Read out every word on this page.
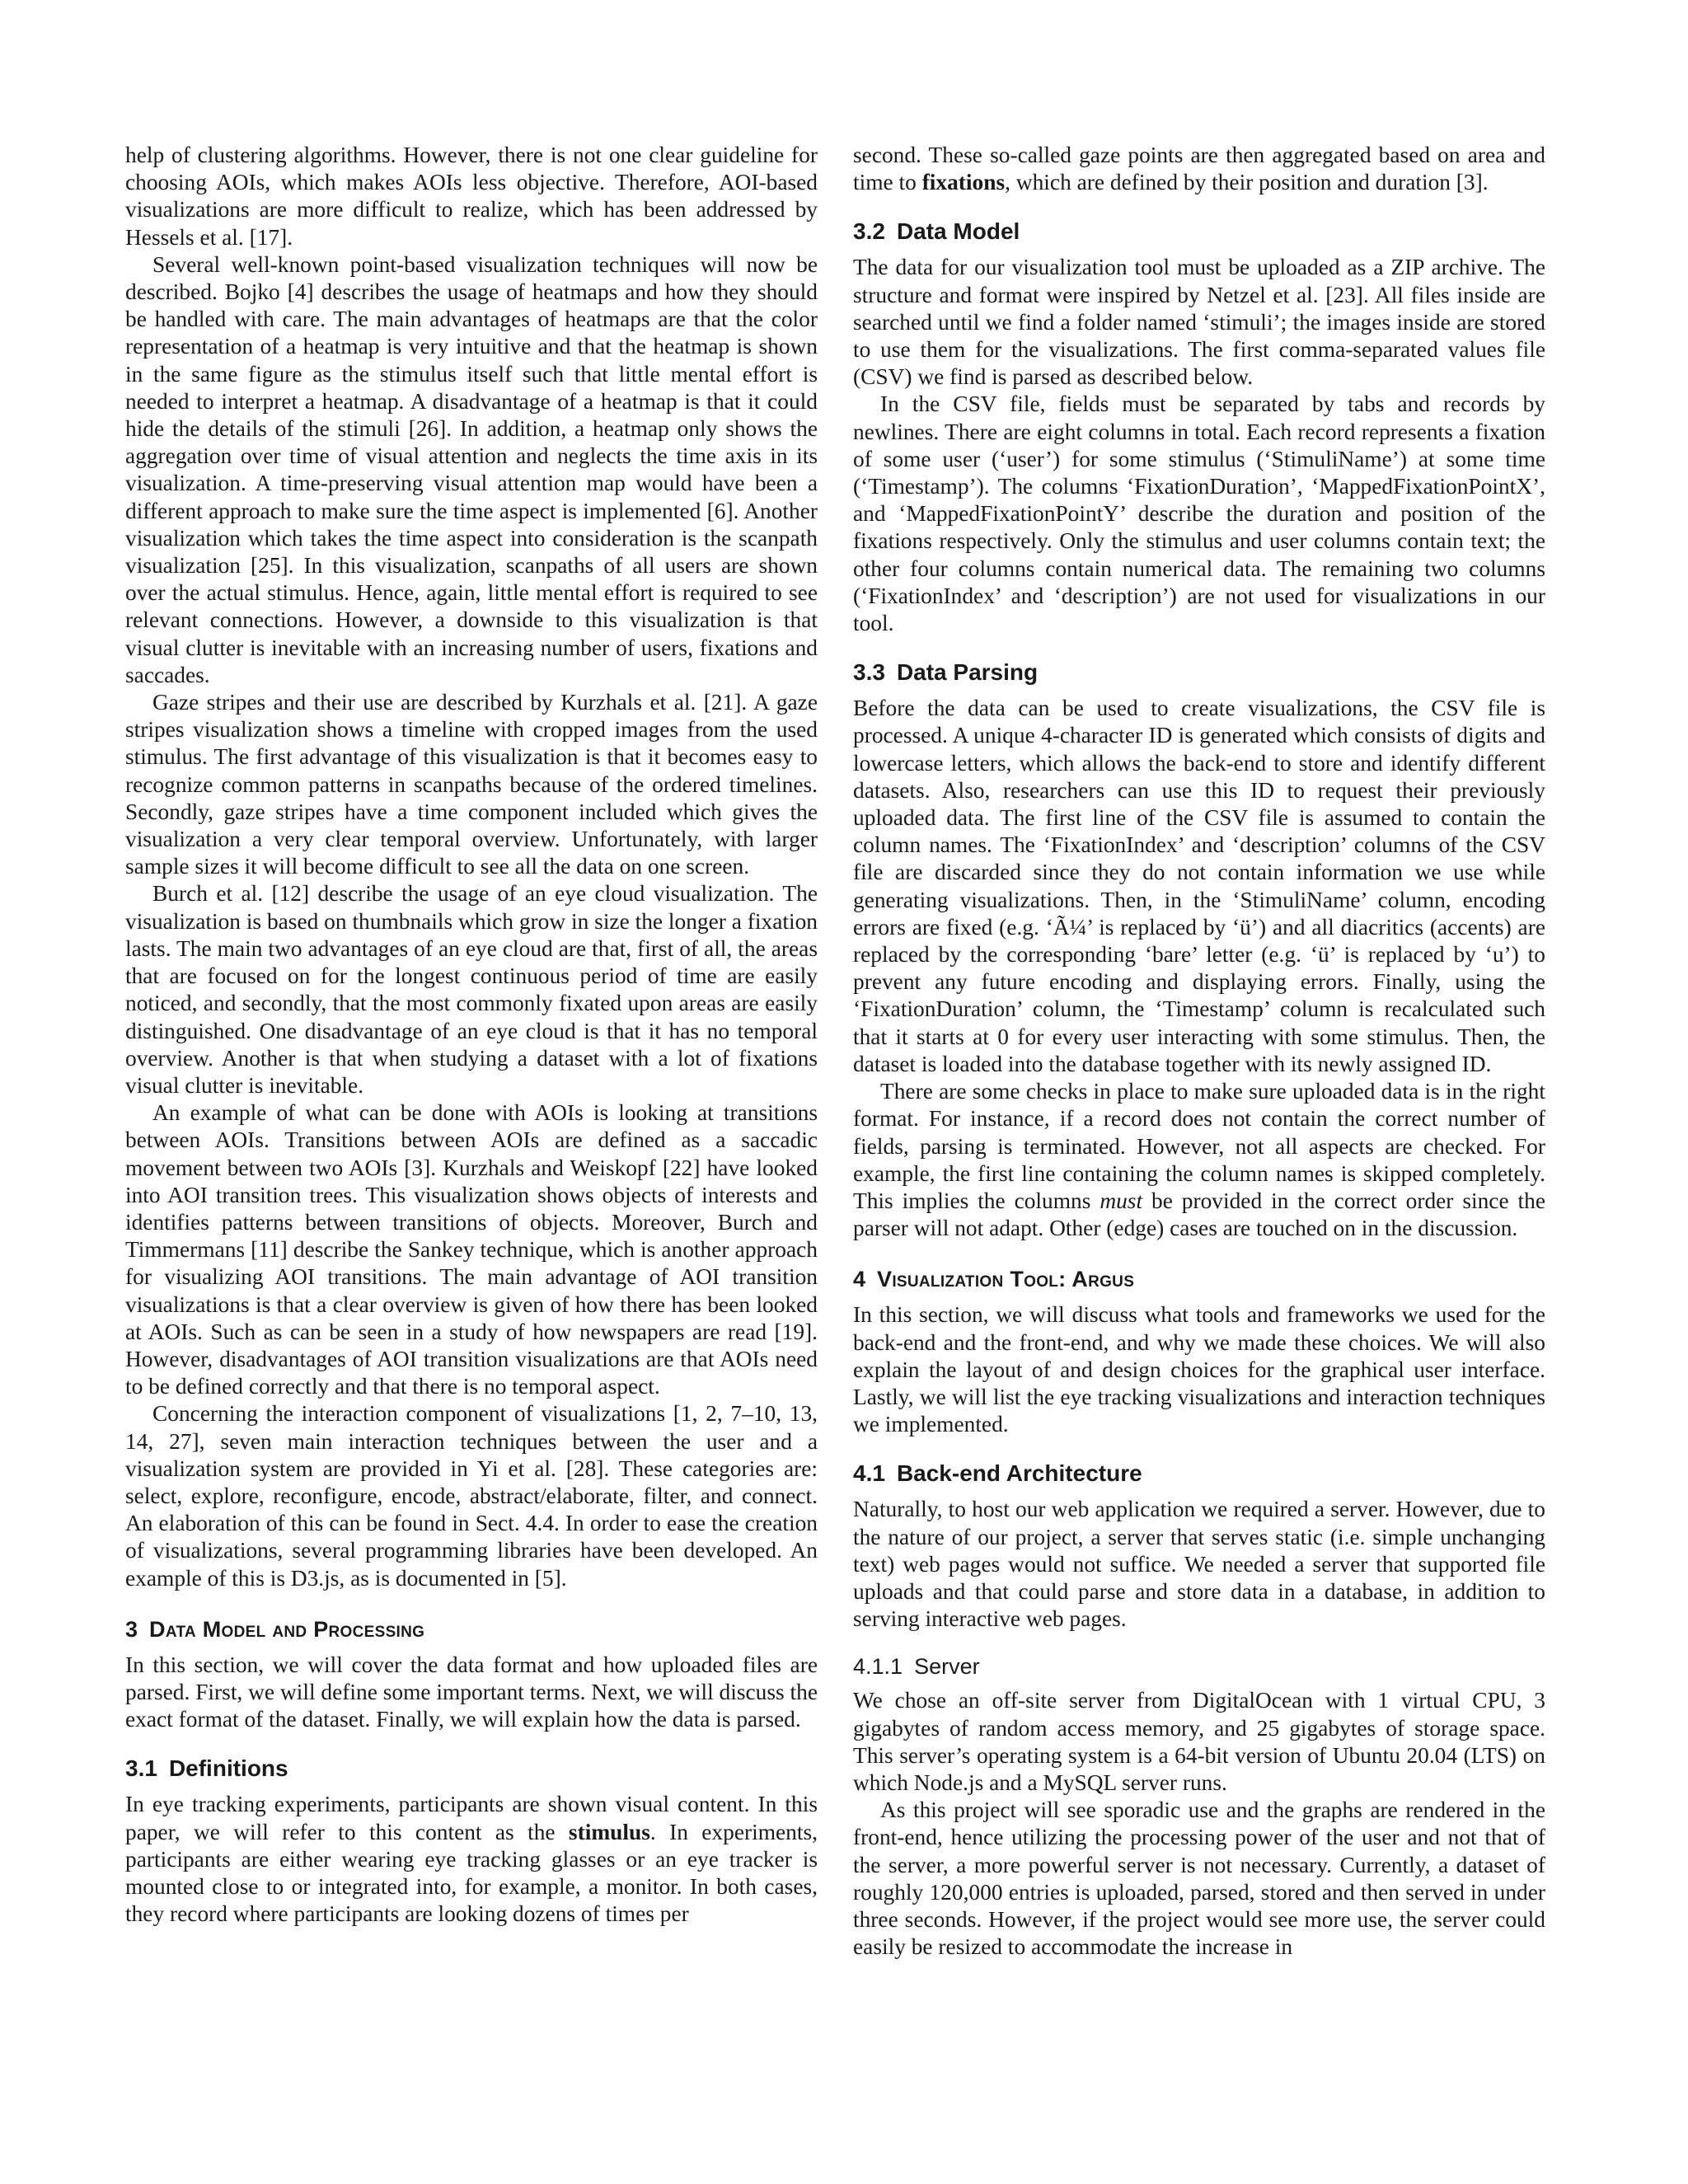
help of clustering algorithms. However, there is not one clear guideline for choosing AOIs, which makes AOIs less objective. Therefore, AOI-based visualizations are more difficult to realize, which has been addressed by Hessels et al. [17].

Several well-known point-based visualization techniques will now be described. Bojko [4] describes the usage of heatmaps and how they should be handled with care. The main advantages of heatmaps are that the color representation of a heatmap is very intuitive and that the heatmap is shown in the same figure as the stimulus itself such that little mental effort is needed to interpret a heatmap. A disadvantage of a heatmap is that it could hide the details of the stimuli [26]. In addition, a heatmap only shows the aggregation over time of visual attention and neglects the time axis in its visualization. A time-preserving visual attention map would have been a different approach to make sure the time aspect is implemented [6]. Another visualization which takes the time aspect into consideration is the scanpath visualization [25]. In this visualization, scanpaths of all users are shown over the actual stimulus. Hence, again, little mental effort is required to see relevant connections. However, a downside to this visualization is that visual clutter is inevitable with an increasing number of users, fixations and saccades.

Gaze stripes and their use are described by Kurzhals et al. [21]. A gaze stripes visualization shows a timeline with cropped images from the used stimulus. The first advantage of this visualization is that it becomes easy to recognize common patterns in scanpaths because of the ordered timelines. Secondly, gaze stripes have a time component included which gives the visualization a very clear temporal overview. Unfortunately, with larger sample sizes it will become difficult to see all the data on one screen.

Burch et al. [12] describe the usage of an eye cloud visualization. The visualization is based on thumbnails which grow in size the longer a fixation lasts. The main two advantages of an eye cloud are that, first of all, the areas that are focused on for the longest continuous period of time are easily noticed, and secondly, that the most commonly fixated upon areas are easily distinguished. One disadvantage of an eye cloud is that it has no temporal overview. Another is that when studying a dataset with a lot of fixations visual clutter is inevitable.

An example of what can be done with AOIs is looking at transitions between AOIs. Transitions between AOIs are defined as a saccadic movement between two AOIs [3]. Kurzhals and Weiskopf [22] have looked into AOI transition trees. This visualization shows objects of interests and identifies patterns between transitions of objects. Moreover, Burch and Timmermans [11] describe the Sankey technique, which is another approach for visualizing AOI transitions. The main advantage of AOI transition visualizations is that a clear overview is given of how there has been looked at AOIs. Such as can be seen in a study of how newspapers are read [19]. However, disadvantages of AOI transition visualizations are that AOIs need to be defined correctly and that there is no temporal aspect.

Concerning the interaction component of visualizations [1, 2, 7–10, 13, 14, 27], seven main interaction techniques between the user and a visualization system are provided in Yi et al. [28]. These categories are: select, explore, reconfigure, encode, abstract/elaborate, filter, and connect. An elaboration of this can be found in Sect. 4.4. In order to ease the creation of visualizations, several programming libraries have been developed. An example of this is D3.js, as is documented in [5].

3 Data Model and Processing

In this section, we will cover the data format and how uploaded files are parsed. First, we will define some important terms. Next, we will discuss the exact format of the dataset. Finally, we will explain how the data is parsed.

3.1 Definitions

In eye tracking experiments, participants are shown visual content. In this paper, we will refer to this content as the stimulus. In experiments, participants are either wearing eye tracking glasses or an eye tracker is mounted close to or integrated into, for example, a monitor. In both cases, they record where participants are looking dozens of times per

second. These so-called gaze points are then aggregated based on area and time to fixations, which are defined by their position and duration [3].

3.2 Data Model

The data for our visualization tool must be uploaded as a ZIP archive. The structure and format were inspired by Netzel et al. [23]. All files inside are searched until we find a folder named ‘stimuli’; the images inside are stored to use them for the visualizations. The first comma-separated values file (CSV) we find is parsed as described below.

In the CSV file, fields must be separated by tabs and records by newlines. There are eight columns in total. Each record represents a fixation of some user (‘user’) for some stimulus (‘StimuliName’) at some time (‘Timestamp’). The columns ‘FixationDuration’, ‘MappedFixationPointX’, and ‘MappedFixationPointY’ describe the duration and position of the fixations respectively. Only the stimulus and user columns contain text; the other four columns contain numerical data. The remaining two columns (‘FixationIndex’ and ‘description’) are not used for visualizations in our tool.

3.3 Data Parsing

Before the data can be used to create visualizations, the CSV file is processed. A unique 4-character ID is generated which consists of digits and lowercase letters, which allows the back-end to store and identify different datasets. Also, researchers can use this ID to request their previously uploaded data. The first line of the CSV file is assumed to contain the column names. The ‘FixationIndex’ and ‘description’ columns of the CSV file are discarded since they do not contain information we use while generating visualizations. Then, in the ‘StimuliName’ column, encoding errors are fixed (e.g. ‘Ã¼’ is replaced by ‘ü’) and all diacritics (accents) are replaced by the corresponding ‘bare’ letter (e.g. ‘ü’ is replaced by ‘u’) to prevent any future encoding and displaying errors. Finally, using the ‘FixationDuration’ column, the ‘Timestamp’ column is recalculated such that it starts at 0 for every user interacting with some stimulus. Then, the dataset is loaded into the database together with its newly assigned ID.

There are some checks in place to make sure uploaded data is in the right format. For instance, if a record does not contain the correct number of fields, parsing is terminated. However, not all aspects are checked. For example, the first line containing the column names is skipped completely. This implies the columns must be provided in the correct order since the parser will not adapt. Other (edge) cases are touched on in the discussion.

4 Visualization Tool: Argus

In this section, we will discuss what tools and frameworks we used for the back-end and the front-end, and why we made these choices. We will also explain the layout of and design choices for the graphical user interface. Lastly, we will list the eye tracking visualizations and interaction techniques we implemented.

4.1 Back-end Architecture

Naturally, to host our web application we required a server. However, due to the nature of our project, a server that serves static (i.e. simple unchanging text) web pages would not suffice. We needed a server that supported file uploads and that could parse and store data in a database, in addition to serving interactive web pages.

4.1.1 Server

We chose an off-site server from DigitalOcean with 1 virtual CPU, 3 gigabytes of random access memory, and 25 gigabytes of storage space. This server’s operating system is a 64-bit version of Ubuntu 20.04 (LTS) on which Node.js and a MySQL server runs.

As this project will see sporadic use and the graphs are rendered in the front-end, hence utilizing the processing power of the user and not that of the server, a more powerful server is not necessary. Currently, a dataset of roughly 120,000 entries is uploaded, parsed, stored and then served in under three seconds. However, if the project would see more use, the server could easily be resized to accommodate the increase in
